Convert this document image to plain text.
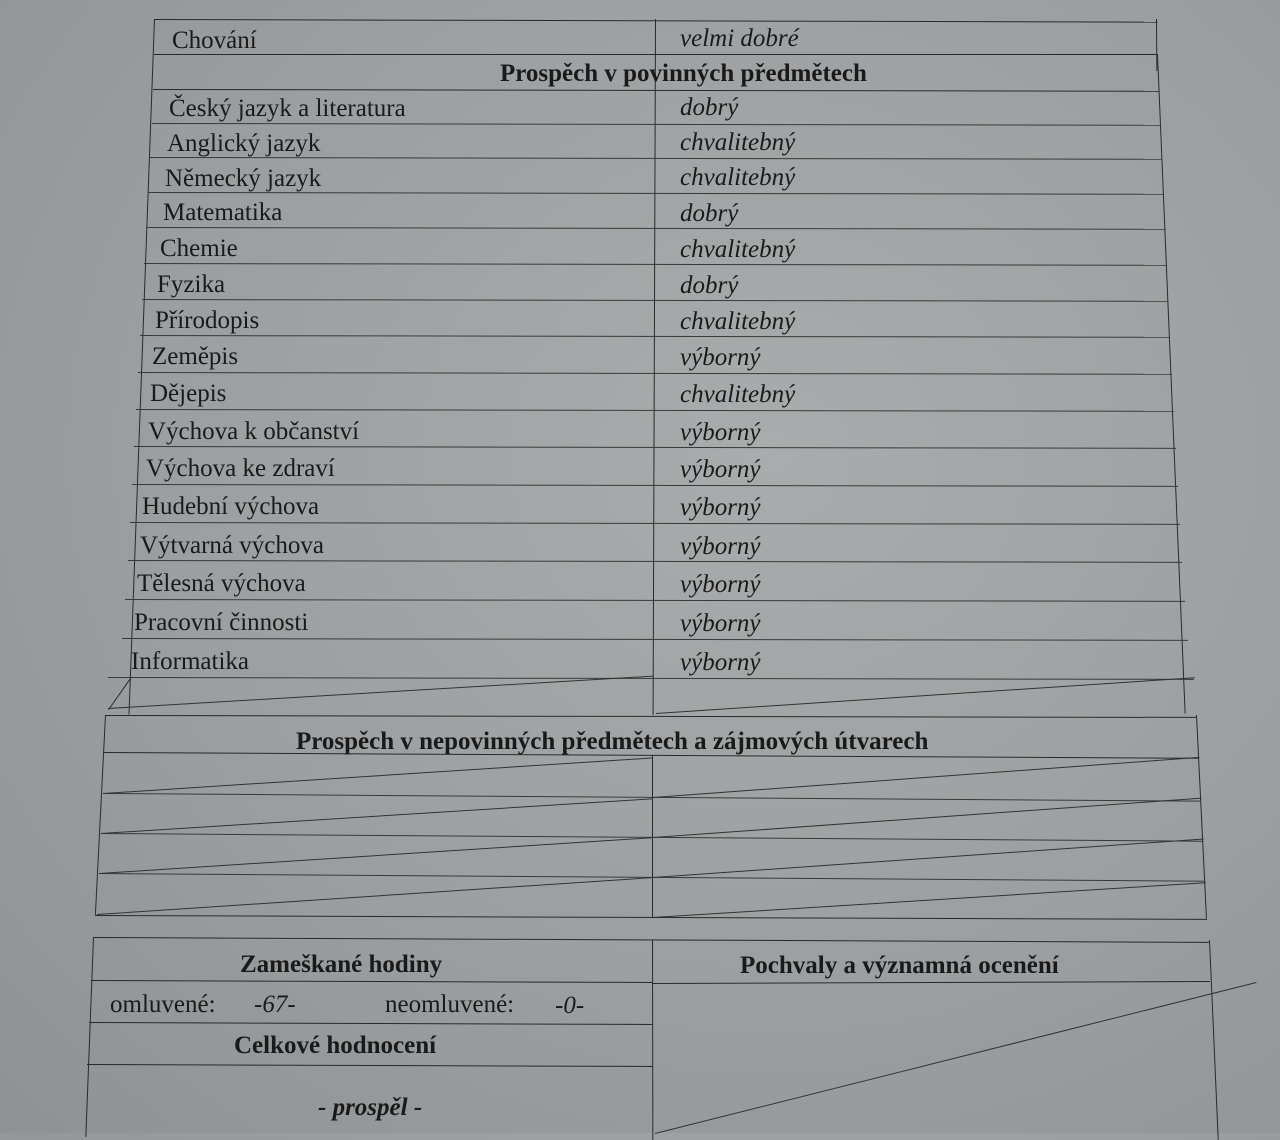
Chování	velmi dobré
Prospěch v povinných předmětech
Český jazyk a literatura	dobrý
Anglický jazyk	chvalitebný
Německý jazyk	chvalitebný
Matematika	dobrý
Chemie	chvalitebný
Fyzika	dobrý
Přírodopis	chvalitebný
Zeměpis	výborný
Dějepis	chvalitebný
Výchova k občanství	výborný
Výchova ke zdraví	výborný
Hudební výchova	výborný
Výtvarná výchova	výborný
Tělesná výchova	výborný
Pracovní činnosti	výborný
Informatika	výborný
Prospěch v nepovinných předmětech a zájmových útvarech
Zameškané hodiny
omluvené: -67-	neomluvené: -0-
Celkové hodnocení
- prospěl -
Pochvaly a významná ocenění
